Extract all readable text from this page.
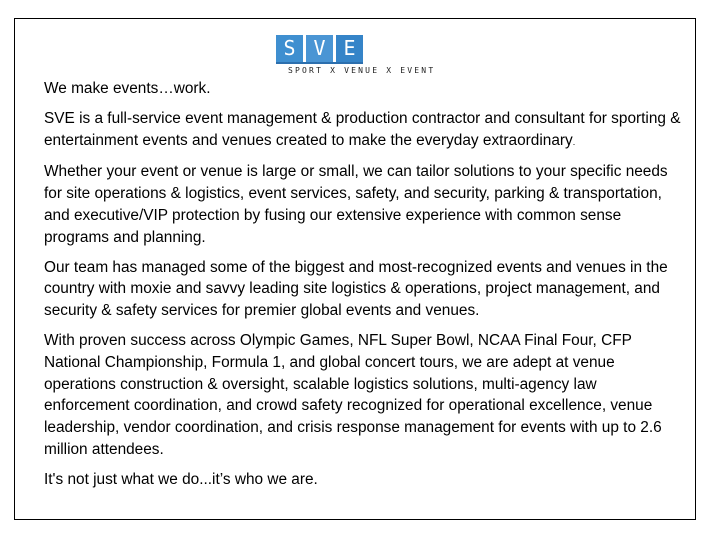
S V E
SPORT X VENUE X EVENT

We make events…work.

SVE is a full-service event management & production contractor and consultant for sporting & entertainment events and venues created to make the everyday extraordinary.

Whether your event or venue is large or small, we can tailor solutions to your specific needs for site operations & logistics, event services, safety, and security, parking & transportation, and executive/VIP protection by fusing our extensive experience with common sense programs and planning.

Our team has managed some of the biggest and most-recognized events and venues in the country with moxie and savvy leading site logistics & operations, project management, and security & safety services for premier global events and venues.

With proven success across Olympic Games, NFL Super Bowl, NCAA Final Four, CFP National Championship, Formula 1, and global concert tours, we are adept at venue operations construction & oversight, scalable logistics solutions, multi-agency law enforcement coordination, and crowd safety recognized for operational excellence, venue leadership, vendor coordination, and crisis response management for events with up to 2.6 million attendees.

It's not just what we do...it’s who we are.
